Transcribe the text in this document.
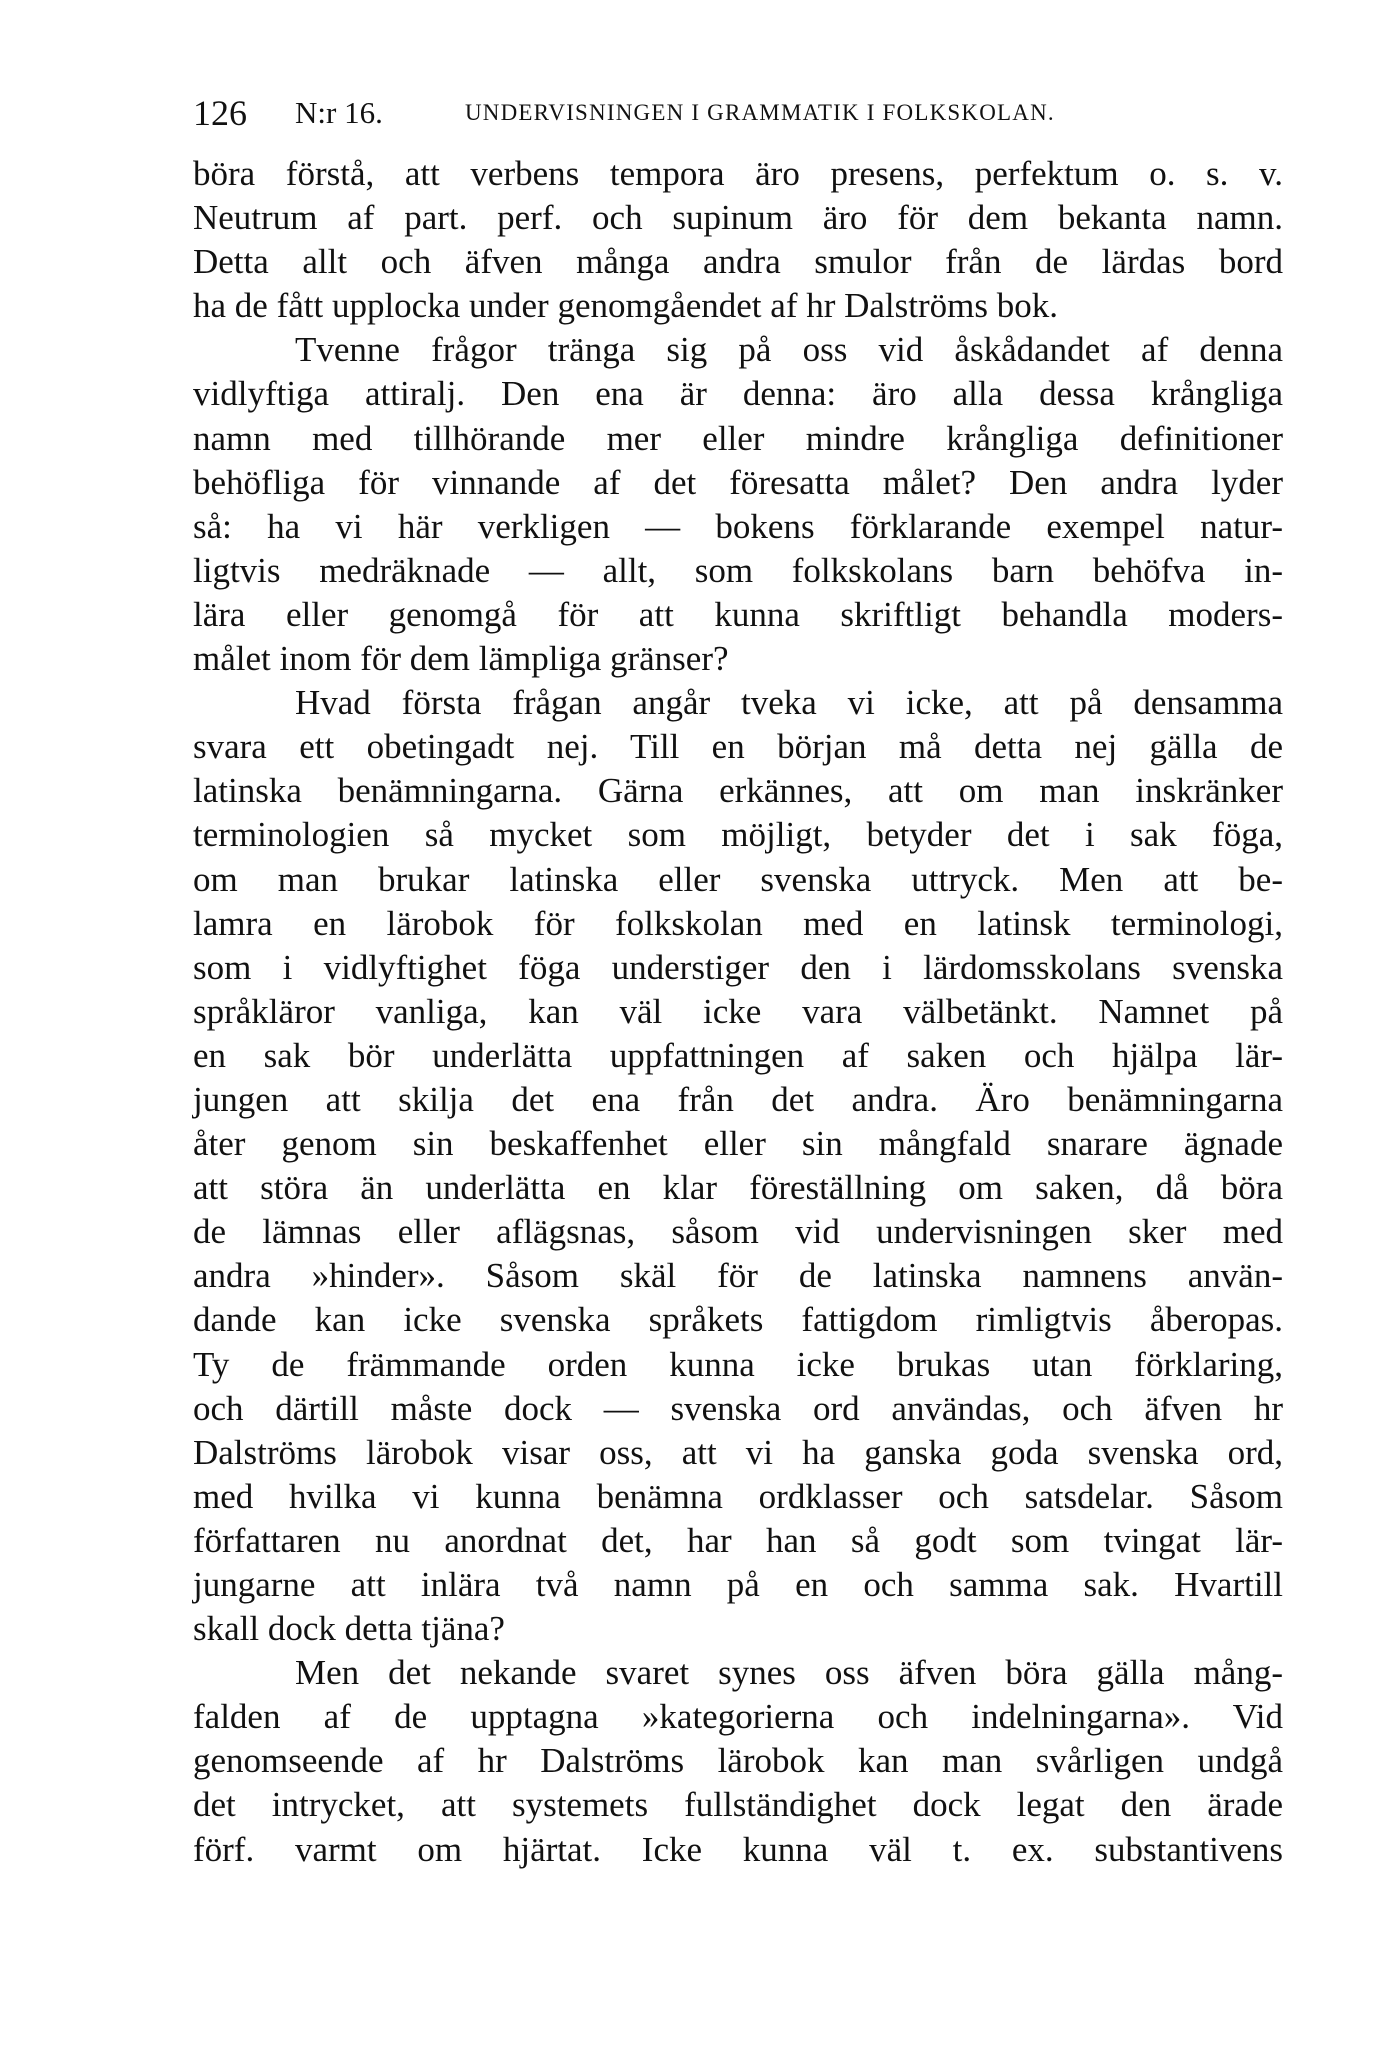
126 N:r 16.	UNDERVISNINGEN I GRAMMATIK I FOLKSKOLAN.
böra förstå, att verbens tempora äro presens, perfektum o. s. v.
Neutrum af part. perf. och supinum äro för dem bekanta namn.
Detta allt och äfven många andra smulor från de lärdas bord
ha de fått upplocka under genomgåendet af hr Dalströms bok.
Tvenne frågor tränga sig på oss vid åskådandet af denna
vidlyftiga attiralj. Den ena är denna: äro alla dessa krångliga
namn med tillhörande mer eller mindre krångliga definitioner
behöfliga för vinnande af det föresatta målet? Den andra lyder
så: ha vi här verkligen — bokens förklarande exempel natur-
ligtvis medräknade — allt, som folkskolans barn behöfva in-
lära eller genomgå för att kunna skriftligt behandla moders-
målet inom för dem lämpliga gränser?
Hvad första frågan angår tveka vi icke, att på densamma
svara ett obetingadt nej. Till en början må detta nej gälla de
latinska benämningarna. Gärna erkännes, att om man inskränker
terminologien så mycket som möjligt, betyder det i sak föga,
om man brukar latinska eller svenska uttryck. Men att be-
lamra en lärobok för folkskolan med en latinsk terminologi,
som i vidlyftighet föga understiger den i lärdomsskolans svenska
språkläror vanliga, kan väl icke vara välbetänkt. Namnet på
en sak bör underlätta uppfattningen af saken och hjälpa lär-
jungen att skilja det ena från det andra. Äro benämningarna
åter genom sin beskaffenhet eller sin mångfald snarare ägnade
att störa än underlätta en klar föreställning om saken, då böra
de lämnas eller aflägsnas, såsom vid undervisningen sker med
andra »hinder». Såsom skäl för de latinska namnens använ-
dande kan icke svenska språkets fattigdom rimligtvis åberopas.
Ty de främmande orden kunna icke brukas utan förklaring,
och därtill måste dock — svenska ord användas, och äfven hr
Dalströms lärobok visar oss, att vi ha ganska goda svenska ord,
med hvilka vi kunna benämna ordklasser och satsdelar. Såsom
författaren nu anordnat det, har han så godt som tvingat lär-
jungarne att inlära två namn på en och samma sak. Hvartill
skall dock detta tjäna?
Men det nekande svaret synes oss äfven böra gälla mång-
falden af de upptagna »kategorierna och indelningarna». Vid
genomseende af hr Dalströms lärobok kan man svårligen undgå
det intrycket, att systemets fullständighet dock legat den ärade
förf. varmt om hjärtat. Icke kunna väl t. ex. substantivens
